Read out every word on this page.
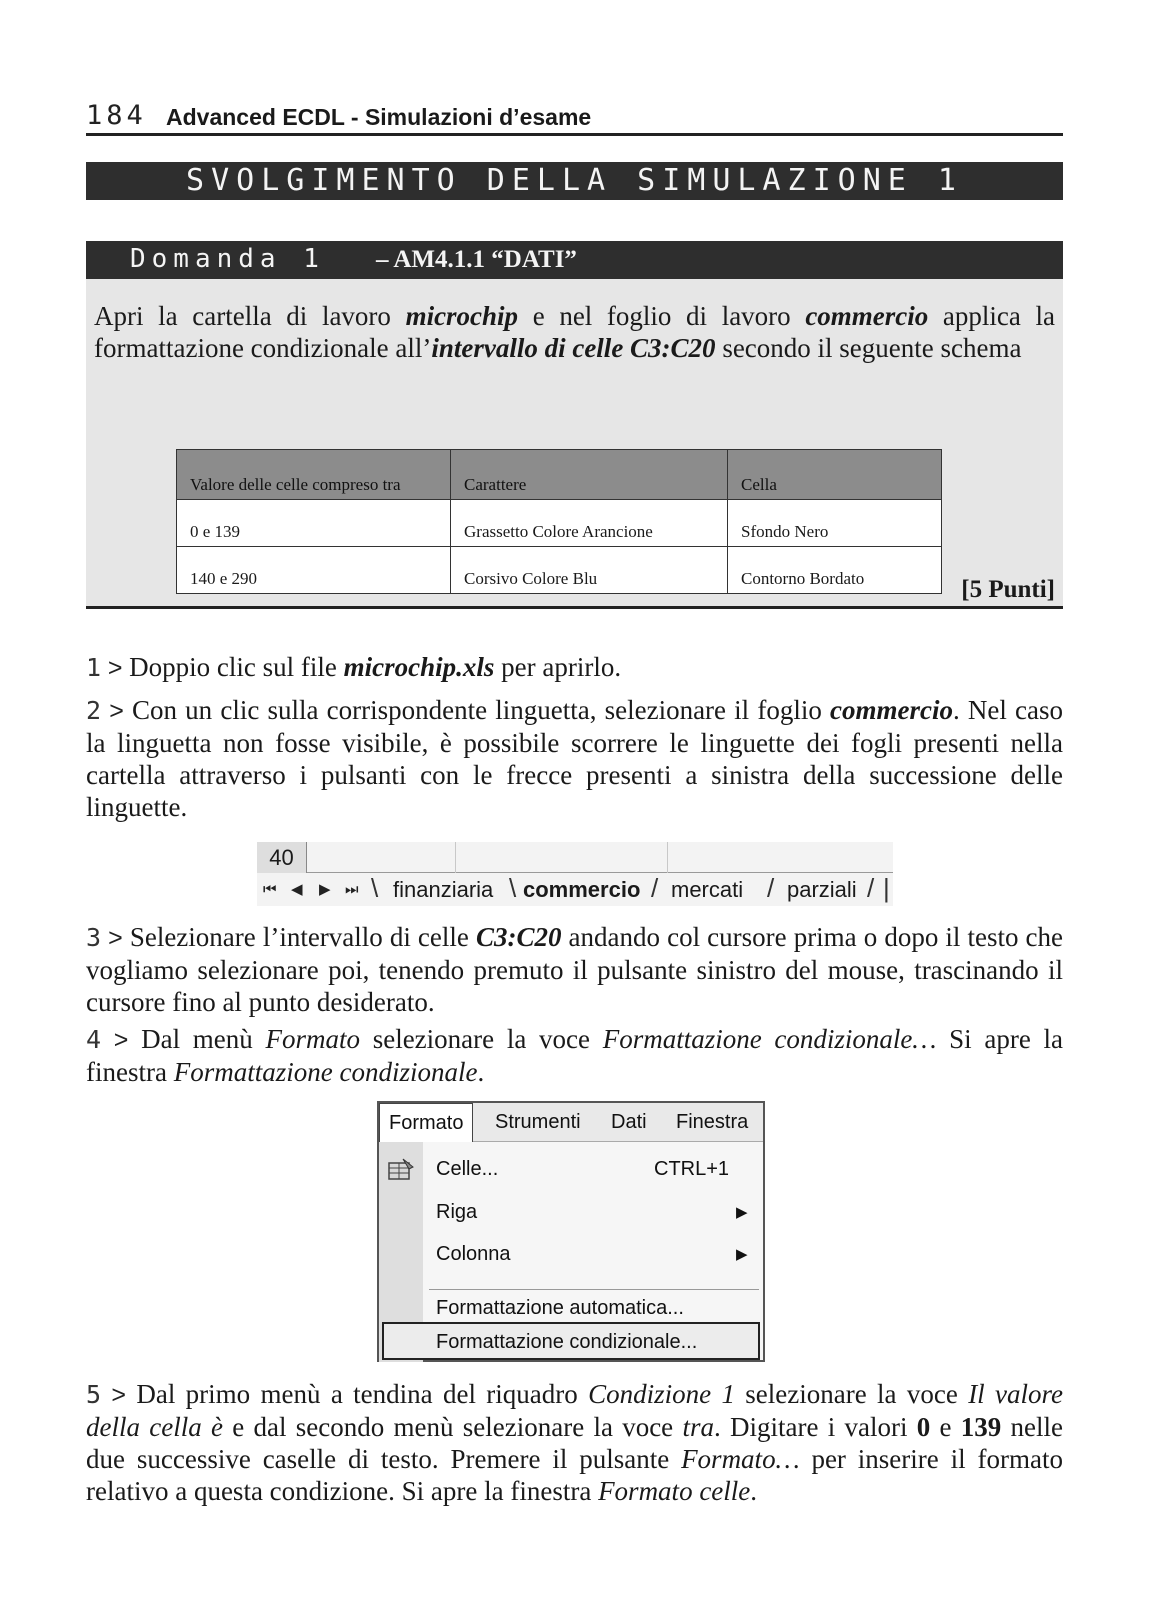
184 Advanced ECDL - Simulazioni d’esame
SVOLGIMENTO DELLA SIMULAZIONE 1
Domanda 1 – AM4.1.1 “DATI”

Apri la cartella di lavoro microchip e nel foglio di lavoro commercio applica la formattazione condizionale all’intervallo di celle C3:C20 secondo il seguente schema

Valore delle celle compreso tra	Carattere	Cella
0 e 139	Grassetto Colore Arancione	Sfondo Nero
140 e 290	Corsivo Colore Blu	Contorno Bordato	[5 Punti]

1 > Doppio clic sul file microchip.xls per aprirlo.

2 > Con un clic sulla corrispondente linguetta, selezionare il foglio commercio. Nel caso la linguetta non fosse visibile, è possibile scorrere le linguette dei fogli presenti nella cartella attraverso i pulsanti con le frecce presenti a sinistra della successione delle linguette.

40
⏮ ◀ ▶ ⏭ \ finanziaria \ commercio / mercati / parziali / |

3 > Selezionare l’intervallo di celle C3:C20 andando col cursore prima o dopo il testo che vogliamo selezionare poi, tenendo premuto il pulsante sinistro del mouse, trascinando il cursore fino al punto desiderato.

4 > Dal menù Formato selezionare la voce Formattazione condizionale… Si apre la finestra Formattazione condizionale.

Formato	Strumenti Dati Finestra
Celle...	CTRL+1
Riga	▶
Colonna	▶
Formattazione automatica...
Formattazione condizionale...

5 > Dal primo menù a tendina del riquadro Condizione 1 selezionare la voce Il valore della cella è e dal secondo menù selezionare la voce tra. Digitare i valori 0 e 139 nelle due successive caselle di testo. Premere il pulsante Formato… per inserire il formato relativo a questa condizione. Si apre la finestra Formato celle.
